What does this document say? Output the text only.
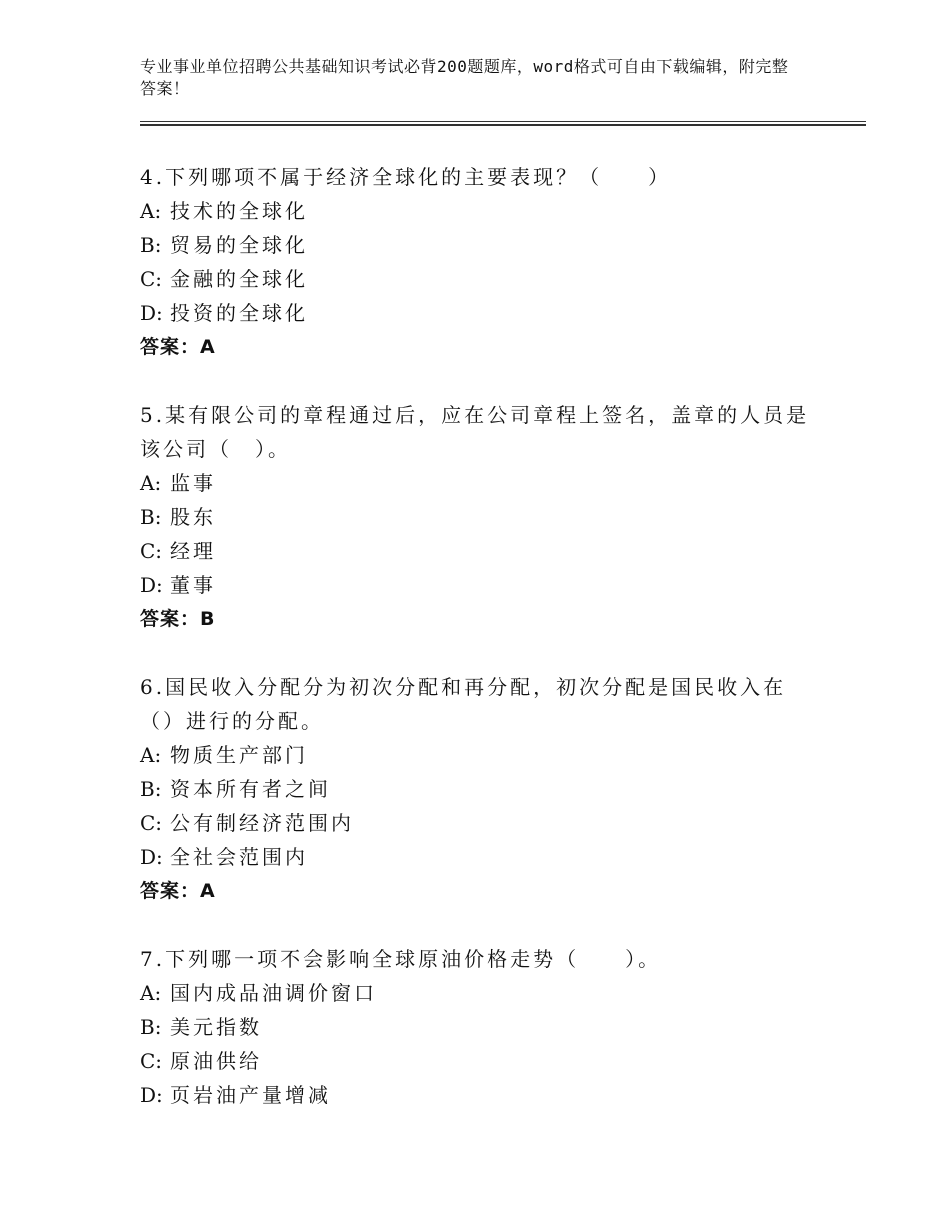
专业事业单位招聘公共基础知识考试必背200题题库，word格式可自由下载编辑，附完整答案！

4.下列哪项不属于经济全球化的主要表现？（　　）

A: 技术的全球化

B: 贸易的全球化

C: 金融的全球化

D: 投资的全球化

答案：A

5.某有限公司的章程通过后，应在公司章程上签名，盖章的人员是该公司（　）。

A: 监事

B: 股东

C: 经理

D: 董事

答案：B

6.国民收入分配分为初次分配和再分配，初次分配是国民收入在（）进行的分配。

A: 物质生产部门

B: 资本所有者之间

C: 公有制经济范围内

D: 全社会范围内

答案：A

7.下列哪一项不会影响全球原油价格走势（　　）。

A: 国内成品油调价窗口

B: 美元指数

C: 原油供给

D: 页岩油产量增减
